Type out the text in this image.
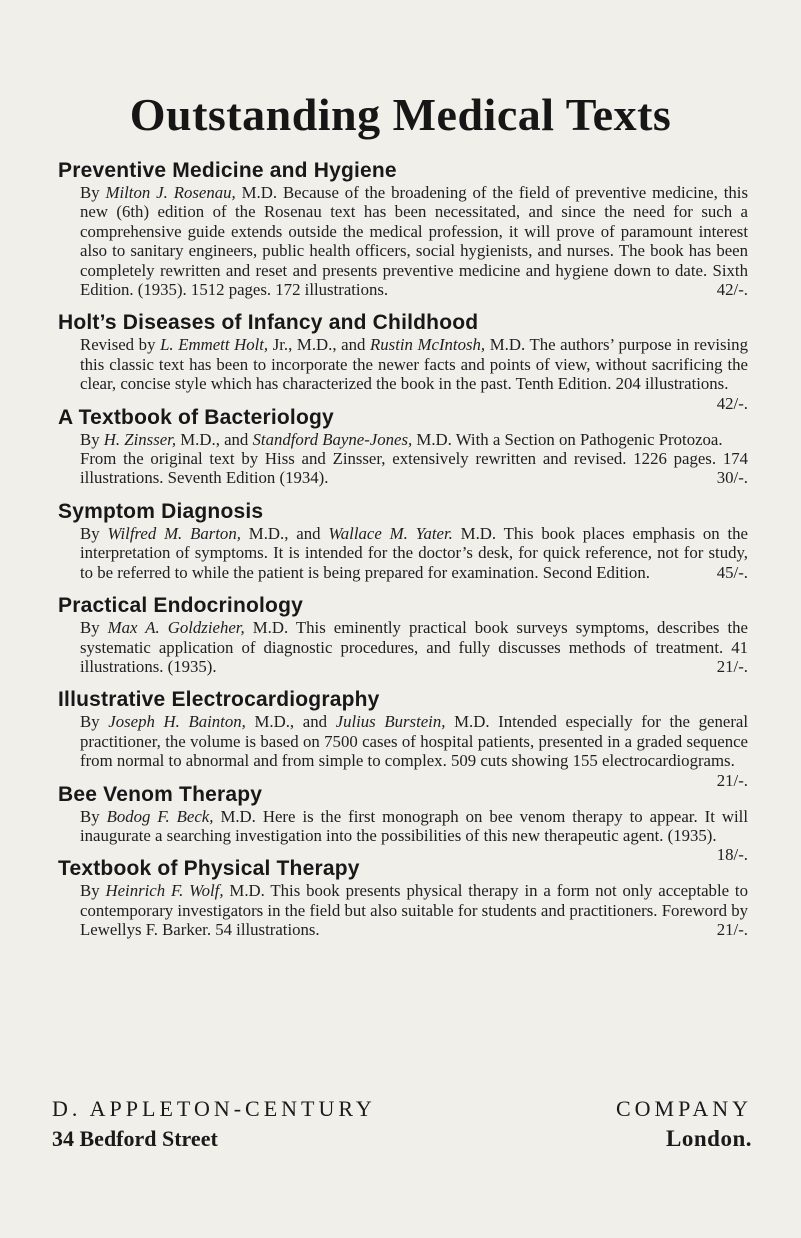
Outstanding Medical Texts
Preventive Medicine and Hygiene
By Milton J. Rosenau, M.D. Because of the broadening of the field of preventive medicine, this new (6th) edition of the Rosenau text has been necessitated, and since the need for such a comprehensive guide extends outside the medical profession, it will prove of paramount interest also to sanitary engineers, public health officers, social hygienists, and nurses. The book has been completely rewritten and reset and presents preventive medicine and hygiene down to date. Sixth Edition. (1935). 1512 pages. 172 illustrations.	42/-.
Holt’s Diseases of Infancy and Childhood
Revised by L. Emmett Holt, Jr., M.D., and Rustin McIntosh, M.D. The authors’ purpose in revising this classic text has been to incorporate the newer facts and points of view, without sacrificing the clear, concise style which has characterized the book in the past. Tenth Edition. 204 illustrations.
42/-.
A Textbook of Bacteriology
By H. Zinsser, M.D., and Standford Bayne-Jones, M.D. With a Section on Pathogenic Protozoa.
From the original text by Hiss and Zinsser, extensively rewritten and revised. 1226 pages. 174 illustrations. Seventh Edition (1934).	30/-.
Symptom Diagnosis
By Wilfred M. Barton, M.D., and Wallace M. Yater. M.D. This book places emphasis on the interpretation of symptoms. It is intended for the doctor’s desk, for quick reference, not for study, to be referred to while the patient is being prepared for examination. Second Edition.	45/-.
Practical Endocrinology
By Max A. Goldzieher, M.D. This eminently practical book surveys symptoms, describes the systematic application of diagnostic procedures, and fully discusses methods of treatment. 41 illustrations. (1935).	21/-.
Illustrative Electrocardiography
By Joseph H. Bainton, M.D., and Julius Burstein, M.D. Intended especially for the general practitioner, the volume is based on 7500 cases of hospital patients, presented in a graded sequence from normal to abnormal and from simple to complex. 509 cuts showing 155 electrocardiograms.
21/-.
Bee Venom Therapy
By Bodog F. Beck, M.D. Here is the first monograph on bee venom therapy to appear. It will inaugurate a searching investigation into the possibilities of this new therapeutic agent. (1935).
18/-.
Textbook of Physical Therapy
By Heinrich F. Wolf, M.D. This book presents physical therapy in a form not only acceptable to contemporary investigators in the field but also suitable for students and practitioners. Foreword by Lewellys F. Barker. 54 illustrations.	21/-.
D. APPLETON-CENTURY	COMPANY
34 Bedford Street	London.
